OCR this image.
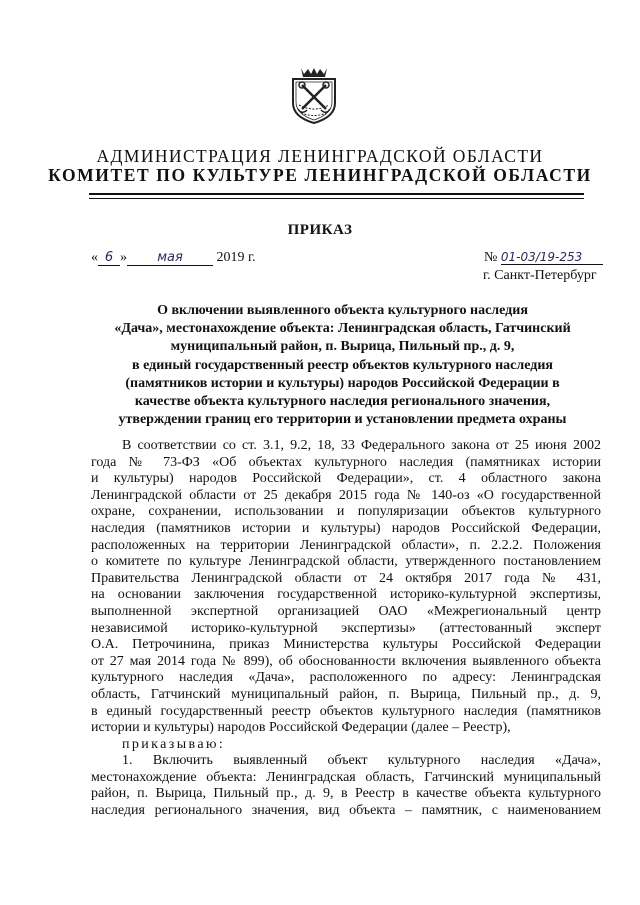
АДМИНИСТРАЦИЯ ЛЕНИНГРАДСКОЙ ОБЛАСТИ
КОМИТЕТ ПО КУЛЬТУРЕ ЛЕНИНГРАДСКОЙ ОБЛАСТИ
ПРИКАЗ
« 6 » мая 2019 г.	№ 01-03/19-253
г. Санкт-Петербург
О включении выявленного объекта культурного наследия
«Дача», местонахождение объекта: Ленинградская область, Гатчинский
муниципальный район, п. Вырица, Пильный пр., д. 9,
в единый государственный реестр объектов культурного наследия
(памятников истории и культуры) народов Российской Федерации в
качестве объекта культурного наследия регионального значения,
утверждении границ его территории и установлении предмета охраны
В соответствии со ст. 3.1, 9.2, 18, 33 Федерального закона от 25 июня 2002
года № 73-ФЗ «Об объектах культурного наследия (памятниках истории
и культуры) народов Российской Федерации», ст. 4 областного закона
Ленинградской области от 25 декабря 2015 года № 140-оз «О государственной
охране, сохранении, использовании и популяризации объектов культурного
наследия (памятников истории и культуры) народов Российской Федерации,
расположенных на территории Ленинградской области», п. 2.2.2. Положения
о комитете по культуре Ленинградской области, утвержденного постановлением
Правительства Ленинградской области от 24 октября 2017 года № 431,
на основании заключения государственной историко-культурной экспертизы,
выполненной экспертной организацией ОАО «Межрегиональный центр
независимой историко-культурной экспертизы» (аттестованный эксперт
О.А. Петрочинина, приказ Министерства культуры Российской Федерации
от 27 мая 2014 года № 899), об обоснованности включения выявленного объекта
культурного наследия «Дача», расположенного по адресу: Ленинградская
область, Гатчинский муниципальный район, п. Вырица, Пильный пр., д. 9,
в единый государственный реестр объектов культурного наследия (памятников
истории и культуры) народов Российской Федерации (далее – Реестр),
приказываю:
1. Включить выявленный объект культурного наследия «Дача»,
местонахождение объекта: Ленинградская область, Гатчинский муниципальный
район, п. Вырица, Пильный пр., д. 9, в Реестр в качестве объекта культурного
наследия регионального значения, вид объекта – памятник, с наименованием
